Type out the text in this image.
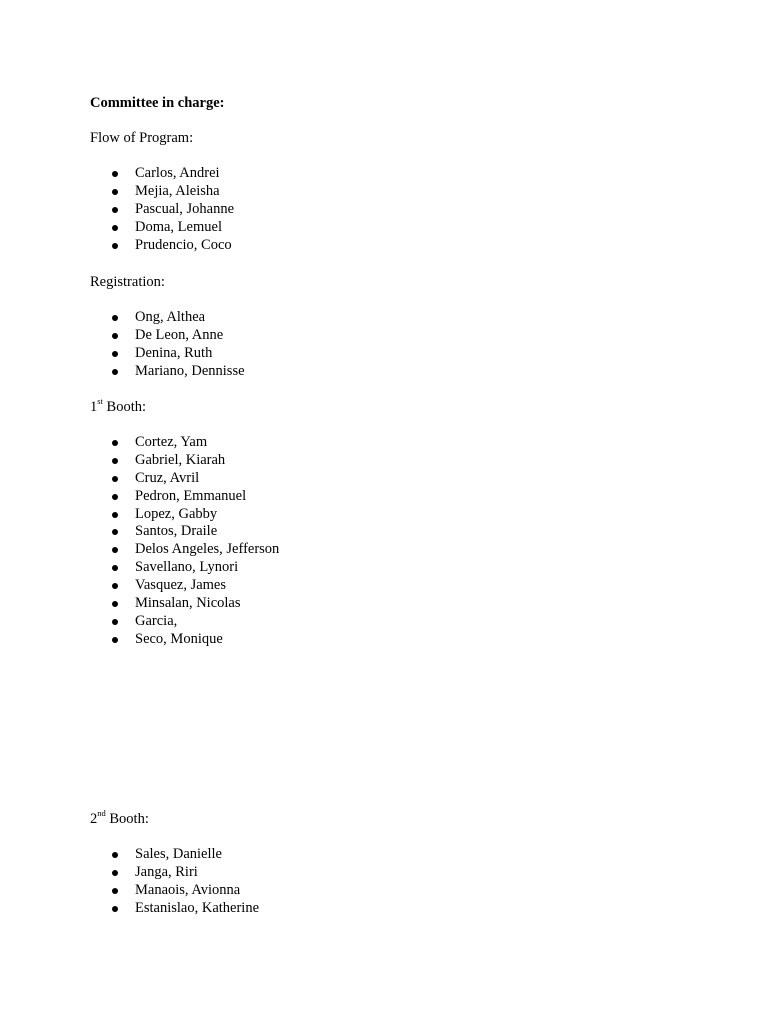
Committee in charge:
Flow of Program:
Carlos, Andrei
Mejia, Aleisha
Pascual, Johanne
Doma, Lemuel
Prudencio, Coco
Registration:
Ong, Althea
De Leon, Anne
Denina, Ruth
Mariano, Dennisse
1st Booth:
Cortez, Yam
Gabriel, Kiarah
Cruz, Avril
Pedron, Emmanuel
Lopez, Gabby
Santos, Draile
Delos Angeles, Jefferson
Savellano, Lynori
Vasquez, James
Minsalan, Nicolas
Garcia,
Seco, Monique
2nd Booth:
Sales, Danielle
Janga, Riri
Manaois, Avionna
Estanislao, Katherine
